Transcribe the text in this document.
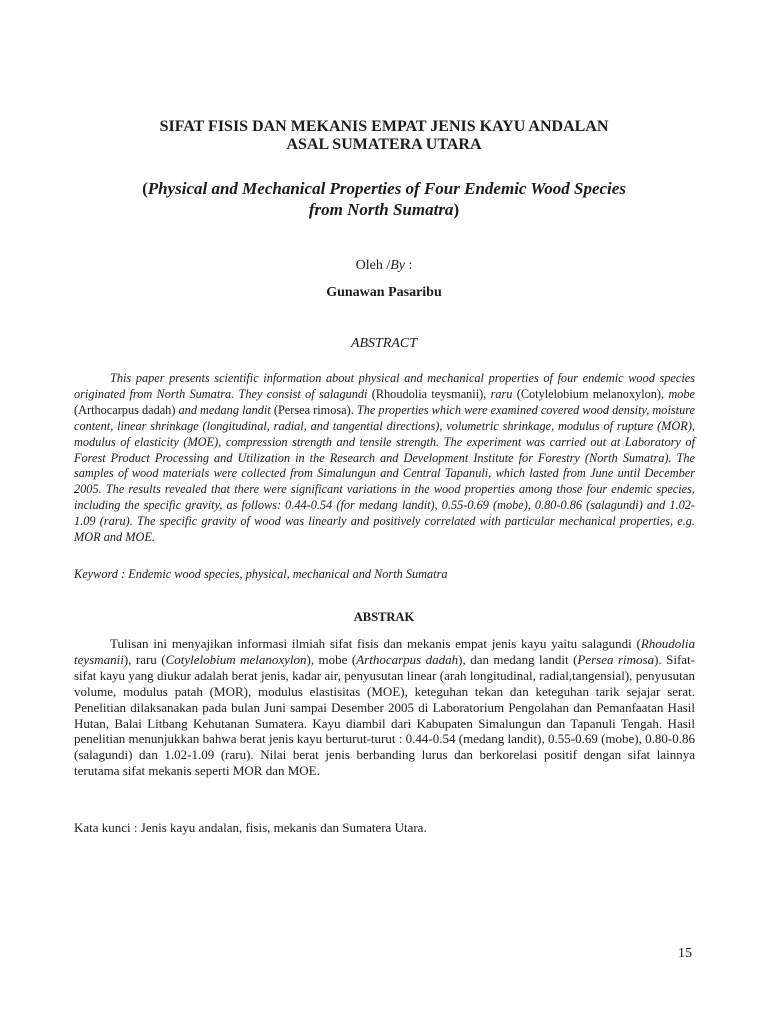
SIFAT FISIS DAN MEKANIS EMPAT JENIS KAYU ANDALAN
ASAL SUMATERA UTARA
(Physical and Mechanical Properties of Four Endemic Wood Species
from North Sumatra)
Oleh /By :
Gunawan Pasaribu
ABSTRACT
This paper presents scientific information about physical and mechanical properties of four endemic wood species originated from North Sumatra. They consist of salagundi (Rhoudolia teysmanii), raru (Cotylelobium melanoxylon), mobe (Arthocarpus dadah) and medang landit (Persea rimosa). The properties which were examined covered wood density, moisture content, linear shrinkage (longitudinal, radial, and tangential directions), volumetric shrinkage, modulus of rupture (MOR), modulus of elasticity (MOE), compression strength and tensile strength. The experiment was carried out at Laboratory of Forest Product Processing and Utilization in the Research and Development Institute for Forestry (North Sumatra). The samples of wood materials were collected from Simalungun and Central Tapanuli, which lasted from June until December 2005. The results revealed that there were significant variations in the wood properties among those four endemic species, including the specific gravity, as follows: 0.44-0.54 (for medang landit), 0.55-0.69 (mobe), 0.80-0.86 (salagundi) and 1.02-1.09 (raru). The specific gravity of wood was linearly and positively correlated with particular mechanical properties, e.g. MOR and MOE.
Keyword : Endemic wood species, physical, mechanical and North Sumatra
ABSTRAK
Tulisan ini menyajikan informasi ilmiah sifat fisis dan mekanis empat jenis kayu yaitu salagundi (Rhoudolia teysmanii), raru (Cotylelobium melanoxylon), mobe (Arthocarpus dadah), dan medang landit (Persea rimosa). Sifat-sifat kayu yang diukur adalah berat jenis, kadar air, penyusutan linear (arah longitudinal, radial,tangensial), penyusutan volume, modulus patah (MOR), modulus elastisitas (MOE), keteguhan tekan dan keteguhan tarik sejajar serat. Penelitian dilaksanakan pada bulan Juni sampai Desember 2005 di Laboratorium Pengolahan dan Pemanfaatan Hasil Hutan, Balai Litbang Kehutanan Sumatera. Kayu diambil dari Kabupaten Simalungun dan Tapanuli Tengah. Hasil penelitian menunjukkan bahwa berat jenis kayu berturut-turut : 0.44-0.54 (medang landit), 0.55-0.69 (mobe), 0.80-0.86 (salagundi) dan 1.02-1.09 (raru). Nilai berat jenis berbanding lurus dan berkorelasi positif dengan sifat lainnya terutama sifat mekanis seperti MOR dan MOE.
Kata kunci : Jenis kayu andalan, fisis, mekanis dan Sumatera Utara.
15
